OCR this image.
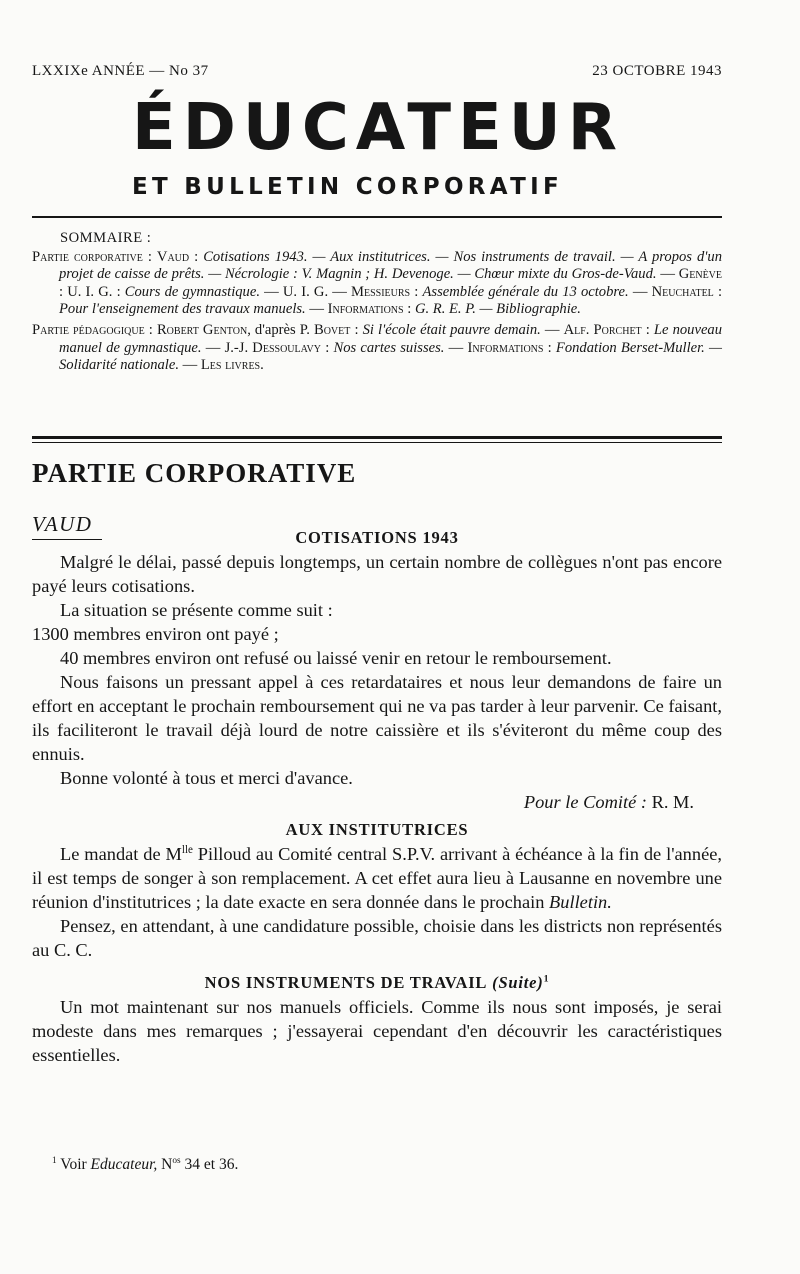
LXXIXe ANNÉE — No 37	23 OCTOBRE 1943
ÉDUCATEUR
ET BULLETIN CORPORATIF
SOMMAIRE :

Partie corporative : Vaud : Cotisations 1943. — Aux institutrices. — Nos instruments de travail. — A propos d'un projet de caisse de prêts. — Nécrologie : V. Magnin ; H. Devenoge. — Chœur mixte du Gros-de-Vaud. — Genève : U. I. G. : Cours de gymnastique. — U. I. G. — Messieurs : Assemblée générale du 13 octobre. — Neuchatel : Pour l'enseignement des travaux manuels. — Informations : G. R. E. P. — Bibliographie.

Partie pédagogique : Robert Genton, d'après P. Bovet : Si l'école était pauvre demain. — Alf. Porchet : Le nouveau manuel de gymnastique. — J.-J. Dessoulavy : Nos cartes suisses. — Informations : Fondation Berset-Muller. — Solidarité nationale. — Les livres.

PARTIE CORPORATIVE
VAUD
COTISATIONS 1943

Malgré le délai, passé depuis longtemps, un certain nombre de collègues n'ont pas encore payé leurs cotisations.

La situation se présente comme suit :

1300 membres environ ont payé ;

40 membres environ ont refusé ou laissé venir en retour le remboursement.

Nous faisons un pressant appel à ces retardataires et nous leur demandons de faire un effort en acceptant le prochain remboursement qui ne va pas tarder à leur parvenir. Ce faisant, ils faciliteront le travail déjà lourd de notre caissière et ils s'éviteront du même coup des ennuis.

Bonne volonté à tous et merci d'avance.

Pour le Comité : R. M.

AUX INSTITUTRICES

Le mandat de $M^{lle}$ Pilloud au Comité central S.P.V. arrivant à échéance à la fin de l'année, il est temps de songer à son remplacement. A cet effet aura lieu à Lausanne en novembre une réunion d'institutrices ; la date exacte en sera donnée dans le prochain Bulletin.

Pensez, en attendant, à une candidature possible, choisie dans les districts non représentés au C. C.

NOS INSTRUMENTS DE TRAVAIL (Suite)$^1$

Un mot maintenant sur nos manuels officiels. Comme ils nous sont imposés, je serai modeste dans mes remarques ; j'essayerai cependant d'en découvrir les caractéristiques essentielles.

$^1$ Voir Educateur, $N^{os}$ 34 et 36.
